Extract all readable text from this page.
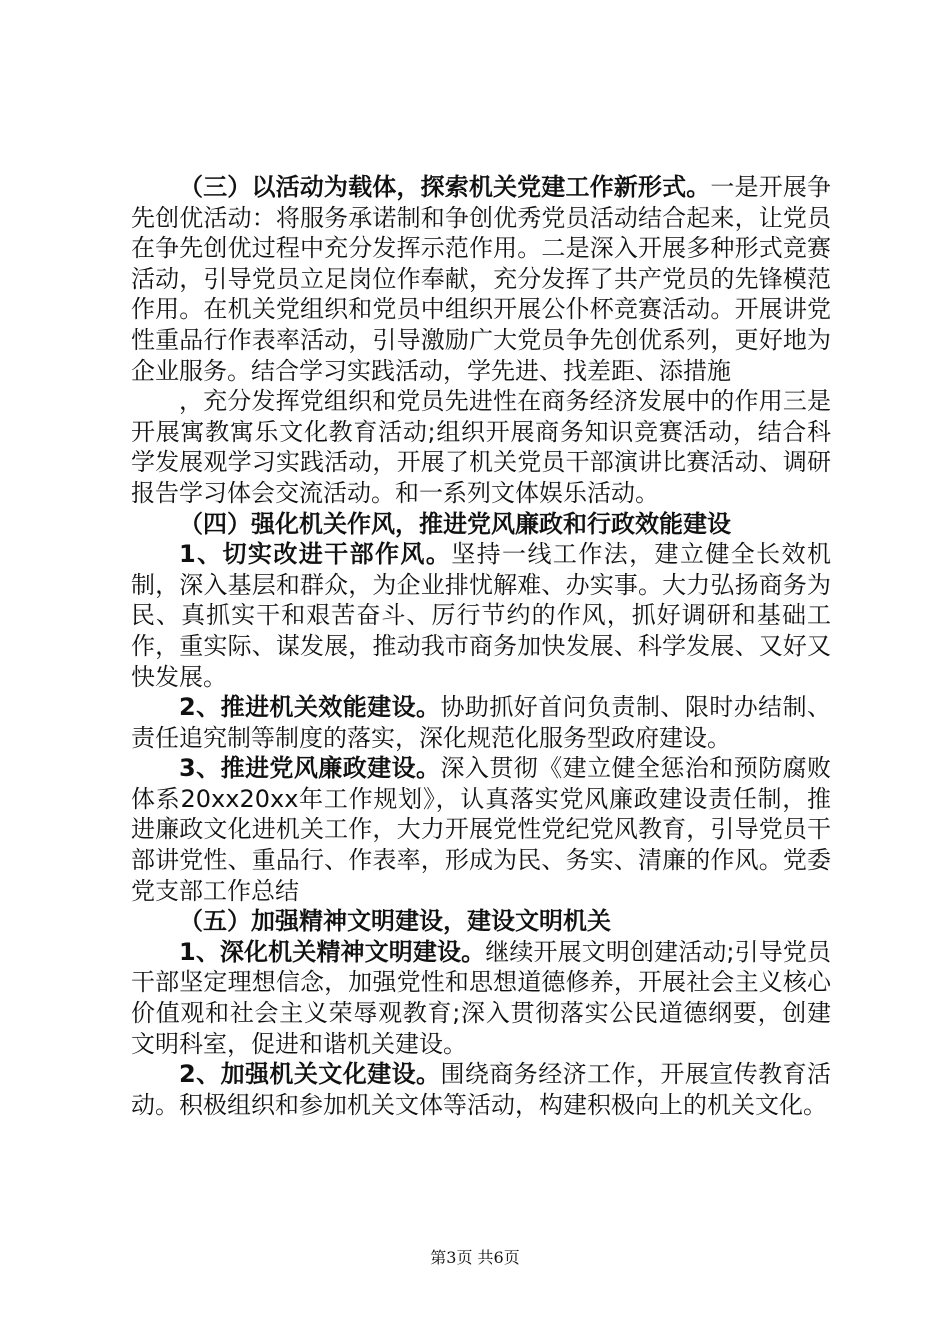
（三）以活动为载体，探索机关党建工作新形式。一是开展争先创优活动：将服务承诺制和争创优秀党员活动结合起来，让党员在争先创优过程中充分发挥示范作用。二是深入开展多种形式竞赛活动，引导党员立足岗位作奉献，充分发挥了共产党员的先锋模范作用。在机关党组织和党员中组织开展公仆杯竞赛活动。开展讲党性重品行作表率活动，引导激励广大党员争先创优系列，更好地为企业服务。结合学习实践活动，学先进、找差距、添措施

，充分发挥党组织和党员先进性在商务经济发展中的作用三是开展寓教寓乐文化教育活动;组织开展商务知识竞赛活动，结合科学发展观学习实践活动，开展了机关党员干部演讲比赛活动、调研报告学习体会交流活动。和一系列文体娱乐活动。

（四）强化机关作风，推进党风廉政和行政效能建设

1、切实改进干部作风。坚持一线工作法，建立健全长效机制，深入基层和群众，为企业排忧解难、办实事。大力弘扬商务为民、真抓实干和艰苦奋斗、厉行节约的作风，抓好调研和基础工作，重实际、谋发展，推动我市商务加快发展、科学发展、又好又快发展。

2、推进机关效能建设。协助抓好首问负责制、限时办结制、责任追究制等制度的落实，深化规范化服务型政府建设。

3、推进党风廉政建设。深入贯彻《建立健全惩治和预防腐败体系20xx20xx年工作规划》，认真落实党风廉政建设责任制，推进廉政文化进机关工作，大力开展党性党纪党风教育，引导党员干部讲党性、重品行、作表率，形成为民、务实、清廉的作风。党委党支部工作总结

（五）加强精神文明建设，建设文明机关

1、深化机关精神文明建设。继续开展文明创建活动;引导党员干部坚定理想信念，加强党性和思想道德修养，开展社会主义核心价值观和社会主义荣辱观教育;深入贯彻落实公民道德纲要，创建文明科室，促进和谐机关建设。

2、加强机关文化建设。围绕商务经济工作，开展宣传教育活动。积极组织和参加机关文体等活动，构建积极向上的机关文化。

第3页 共6页
